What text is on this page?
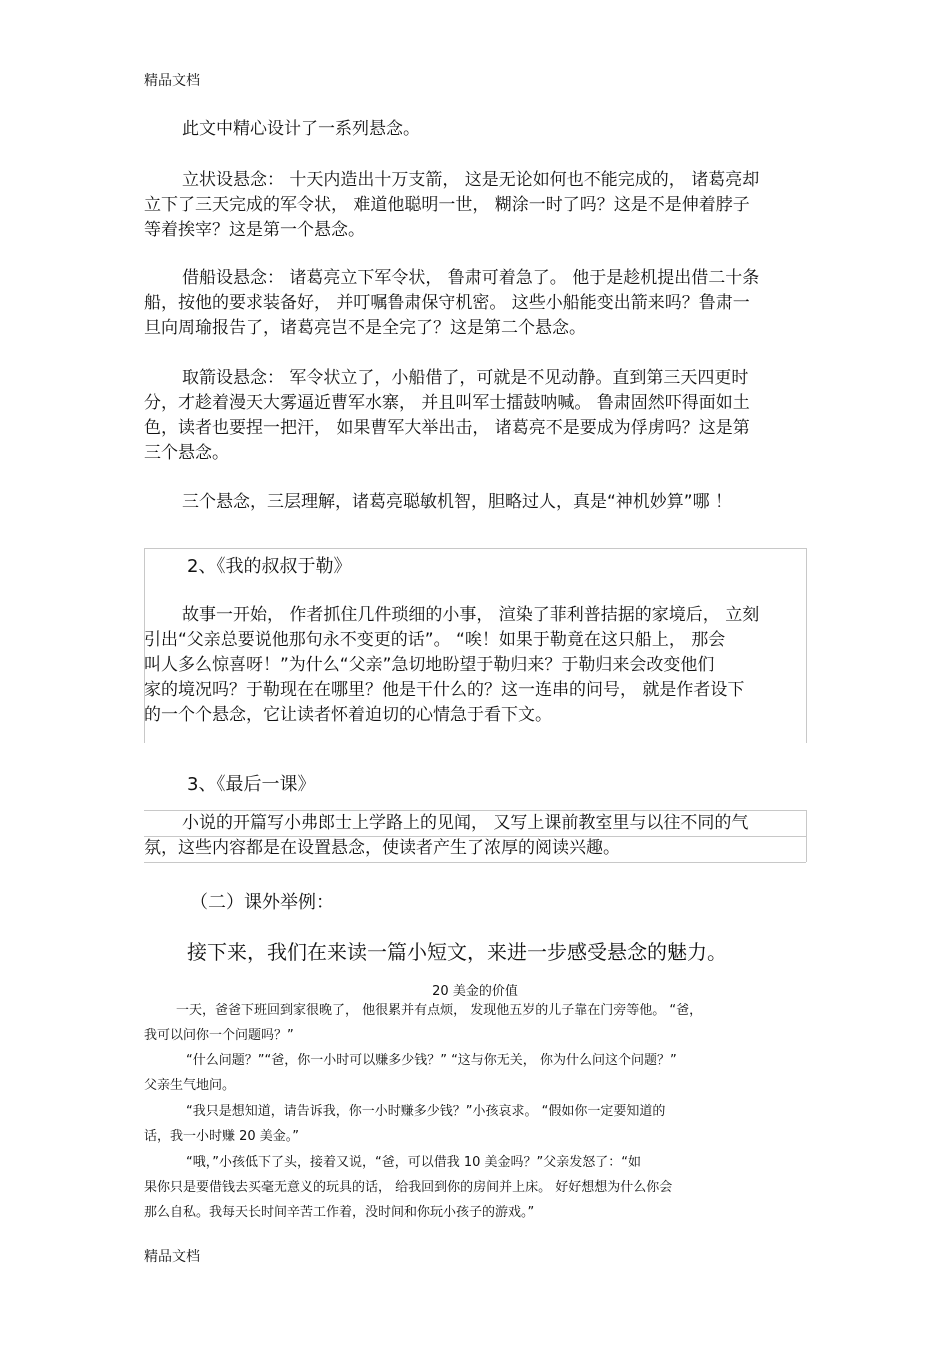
精品文档
此文中精心设计了一系列悬念。
立状设悬念： 十天内造出十万支箭， 这是无论如何也不能完成的， 诸葛亮却
立下了三天完成的军令状， 难道他聪明一世， 糊涂一时了吗？这是不是伸着脖子
等着挨宰？这是第一个悬念。
借船设悬念： 诸葛亮立下军令状， 鲁肃可着急了。 他于是趁机提出借二十条
船，按他的要求装备好， 并叮嘱鲁肃保守机密。 这些小船能变出箭来吗？鲁肃一
旦向周瑜报告了，诸葛亮岂不是全完了？这是第二个悬念。
取箭设悬念： 军令状立了，小船借了，可就是不见动静。直到第三天四更时
分，才趁着漫天大雾逼近曹军水寨， 并且叫军士擂鼓呐喊。 鲁肃固然吓得面如土
色，读者也要捏一把汗， 如果曹军大举出击， 诸葛亮不是要成为俘虏吗？这是第
三个悬念。
三个悬念，三层理解，诸葛亮聪敏机智，胆略过人，真是“神机妙算”哪 ！
2、《我的叔叔于勒》
故事一开始， 作者抓住几件琐细的小事， 渲染了菲利普拮据的家境后， 立刻
引出“父亲总要说他那句永不变更的话”。 “唉！如果于勒竟在这只船上， 那会
叫人多么惊喜呀！”为什么“父亲”急切地盼望于勒归来？于勒归来会改变他们
家的境况吗？于勒现在在哪里？他是干什么的？这一连串的问号， 就是作者设下
的一个个悬念，它让读者怀着迫切的心情急于看下文。
3、《最后一课》
小说的开篇写小弗郎士上学路上的见闻， 又写上课前教室里与以往不同的气
氛，这些内容都是在设置悬念，使读者产生了浓厚的阅读兴趣。
（二）课外举例：
接下来，我们在来读一篇小短文，来进一步感受悬念的魅力。
20 美金的价值
一天，爸爸下班回到家很晚了， 他很累并有点烦， 发现他五岁的儿子靠在门旁等他。 “爸，
我可以问你一个问题吗？”
“什么问题？”“爸，你一小时可以赚多少钱？” “这与你无关， 你为什么问这个问题？”
父亲生气地问。
“我只是想知道，请告诉我，你一小时赚多少钱？”小孩哀求。 “假如你一定要知道的
话，我一小时赚 20 美金。”
“哦，”小孩低下了头，接着又说，“爸，可以借我 10 美金吗？”父亲发怒了：“如
果你只是要借钱去买毫无意义的玩具的话， 给我回到你的房间并上床。 好好想想为什么你会
那么自私。我每天长时间辛苦工作着，没时间和你玩小孩子的游戏。”
精品文档
